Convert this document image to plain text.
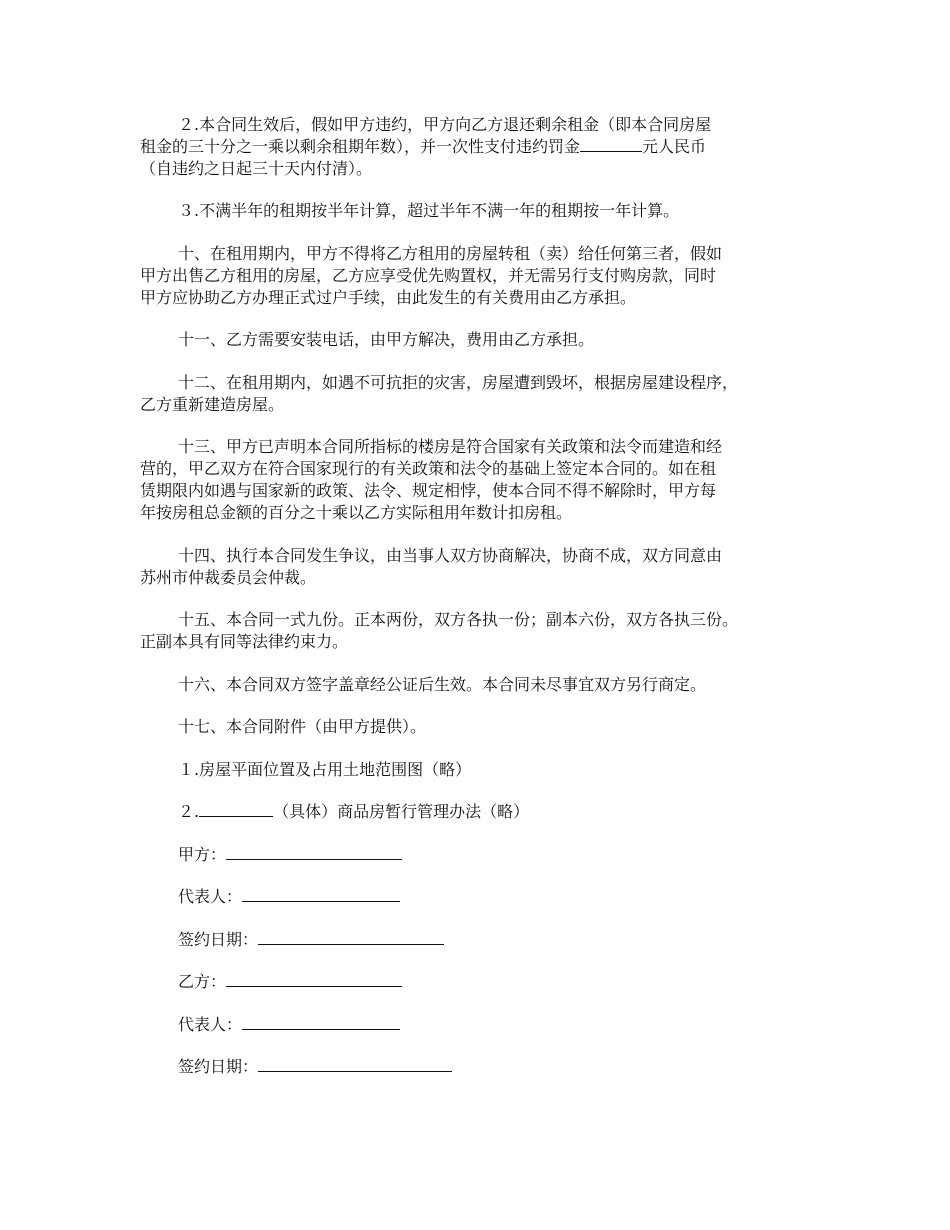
２.本合同生效后，假如甲方违约，甲方向乙方退还剩余租金（即本合同房屋
租金的三十分之一乘以剩余租期年数），并一次性支付违约罚金	元人民币
（自违约之日起三十天内付清）。
３.不满半年的租期按半年计算，超过半年不满一年的租期按一年计算。
十、在租用期内，甲方不得将乙方租用的房屋转租（卖）给任何第三者，假如
甲方出售乙方租用的房屋，乙方应享受优先购置权，并无需另行支付购房款，同时
甲方应协助乙方办理正式过户手续，由此发生的有关费用由乙方承担。
十一、乙方需要安装电话，由甲方解决，费用由乙方承担。
十二、在租用期内，如遇不可抗拒的灾害，房屋遭到毁坏，根据房屋建设程序，
乙方重新建造房屋。
十三、甲方已声明本合同所指标的楼房是符合国家有关政策和法令而建造和经
营的，甲乙双方在符合国家现行的有关政策和法令的基础上签定本合同的。如在租
赁期限内如遇与国家新的政策、法令、规定相悖，使本合同不得不解除时，甲方每
年按房租总金额的百分之十乘以乙方实际租用年数计扣房租。
十四、执行本合同发生争议，由当事人双方协商解决，协商不成，双方同意由
苏州市仲裁委员会仲裁。
十五、本合同一式九份。正本两份，双方各执一份；副本六份，双方各执三份。
正副本具有同等法律约束力。
十六、本合同双方签字盖章经公证后生效。本合同未尽事宜双方另行商定。
十七、本合同附件（由甲方提供）。
１.房屋平面位置及占用土地范围图（略）
２.	（具体）商品房暂行管理办法（略）
甲方：
代表人：
签约日期：
乙方：
代表人：
签约日期：
